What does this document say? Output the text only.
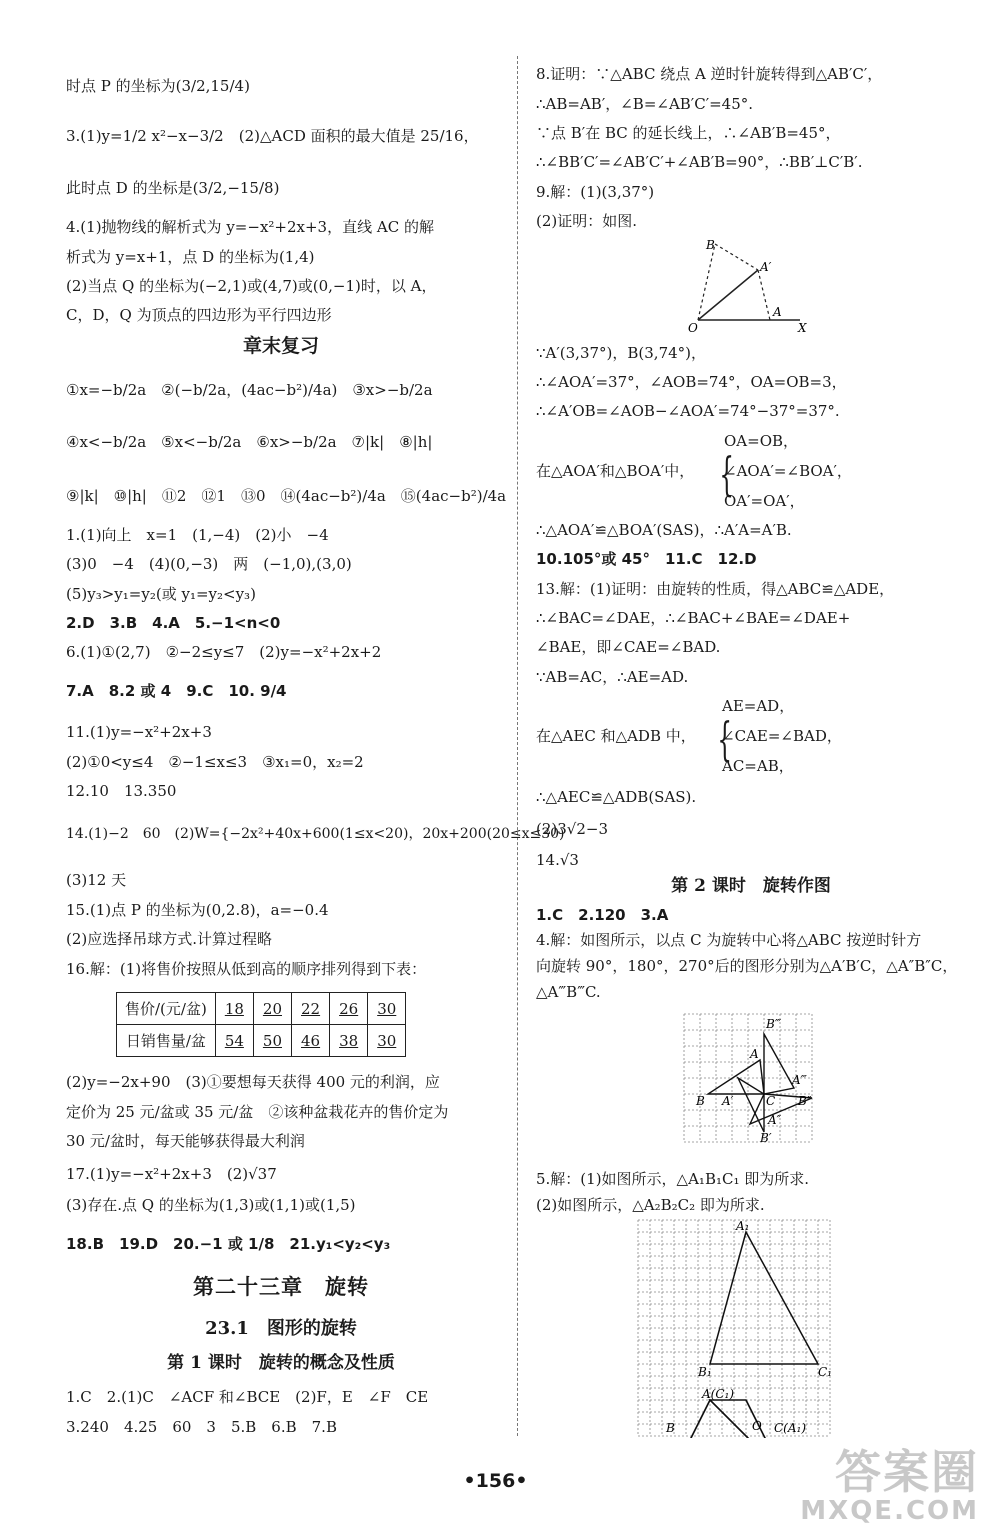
时点 P 的坐标为(3/2,15/4)
3.(1)y=1/2 x²−x−3/2　(2)△ACD 面积的最大值是 25/16，
此时点 D 的坐标是(3/2,−15/8)
4.(1)抛物线的解析式为 y=−x²+2x+3，直线 AC 的解
析式为 y=x+1，点 D 的坐标为(1,4)
(2)当点 Q 的坐标为(−2,1)或(4,7)或(0,−1)时，以 A，
C，D，Q 为顶点的四边形为平行四边形
章末复习
①x=−b/2a　②(−b/2a，(4ac−b²)/4a)　③x>−b/2a
④x<−b/2a　⑤x<−b/2a　⑥x>−b/2a　⑦|k|　⑧|h|
⑨|k|　⑩|h|　⑪2　⑫1　⑬0　⑭(4ac−b²)/4a　⑮(4ac−b²)/4a
1.(1)向上　x=1　(1,−4)　(2)小　−4
(3)0　−4　(4)(0,−3)　两　(−1,0),(3,0)
(5)y₃>y₁=y₂(或 y₁=y₂<y₃)
2.D　3.B　4.A　5.−1<n<0
6.(1)①(2,7)　②−2≤y≤7　(2)y=−x²+2x+2
7.A　8.2 或 4　9.C　10. 9/4
11.(1)y=−x²+2x+3
(2)①0<y≤4　②−1≤x≤3　③x₁=0，x₂=2
12.10　13.350
14.(1)−2　60　(2)W={−2x²+40x+600(1≤x<20)，20x+200(20≤x≤30)
(3)12 天
15.(1)点 P 的坐标为(0,2.8)，a=−0.4
(2)应选择吊球方式.计算过程略
16.解：(1)将售价按照从低到高的顺序排列得到下表：
售价/(元/盆)	18	20	22	26	30
日销售量/盆	54	50	46	38	30
(2)y=−2x+90　(3)①要想每天获得 400 元的利润，应
定价为 25 元/盆或 35 元/盆　②该种盆栽花卉的售价定为
30 元/盆时，每天能够获得最大利润
17.(1)y=−x²+2x+3　(2)√37
(3)存在.点 Q 的坐标为(1,3)或(1,1)或(1,5)
18.B　19.D　20.−1 或 1/8　21.y₁<y₂<y₃
第二十三章　旋转
23.1　图形的旋转
第 1 课时　旋转的概念及性质
1.C　2.(1)C　∠ACF 和∠BCE　(2)F，E　∠F　CE
3.240　4.25　60　3　5.B　6.B　7.B
8.证明：∵△ABC 绕点 A 逆时针旋转得到△AB′C′，
∴AB=AB′，∠B=∠AB′C′=45°.
∵点 B′在 BC 的延长线上，∴∠AB′B=45°，
∴∠BB′C′=∠AB′C′+∠AB′B=90°，∴BB′⊥C′B′.
9.解：(1)(3,37°)
(2)证明：如图.
B
A′
A
O	X
∵A′(3,37°)，B(3,74°)，
∴∠AOA′=37°，∠AOB=74°，OA=OB=3，
∴∠A′OB=∠AOB−∠AOA′=74°−37°=37°.
OA=OB，
在△AOA′和△BOA′中， {
∠AOA′=∠BOA′，
OA′=OA′，
∴△AOA′≌△BOA′(SAS)，∴A′A=A′B.
10.105°或 45°　11.C　12.D
13.解：(1)证明：由旋转的性质，得△ABC≌△ADE，
∴∠BAC=∠DAE，∴∠BAC+∠BAE=∠DAE+
∠BAE，即∠CAE=∠BAD.
∵AB=AC，∴AE=AD.
AE=AD，
在△AEC 和△ADB 中， {
∠CAE=∠BAD，
AC=AB，
∴△AEC≌△ADB(SAS).
(2)3√2−3
14.√3
第 2 课时　旋转作图
1.C　2.120　3.A
4.解：如图所示，以点 C 为旋转中心将△ABC 按逆时针方
向旋转 90°，180°，270°后的图形分别为△A′B′C，△A″B″C，
△A‴B‴C.
B‴
A
A‴
B A′	C B″
A″
B′
5.解：(1)如图所示，△A₁B₁C₁ 即为所求.
(2)如图所示，△A₂B₂C₂ 即为所求.
A₁
B₁	C₁
A(C₁)
O
B	C(A₁)
•156•	答案圈
MXQE.COM
